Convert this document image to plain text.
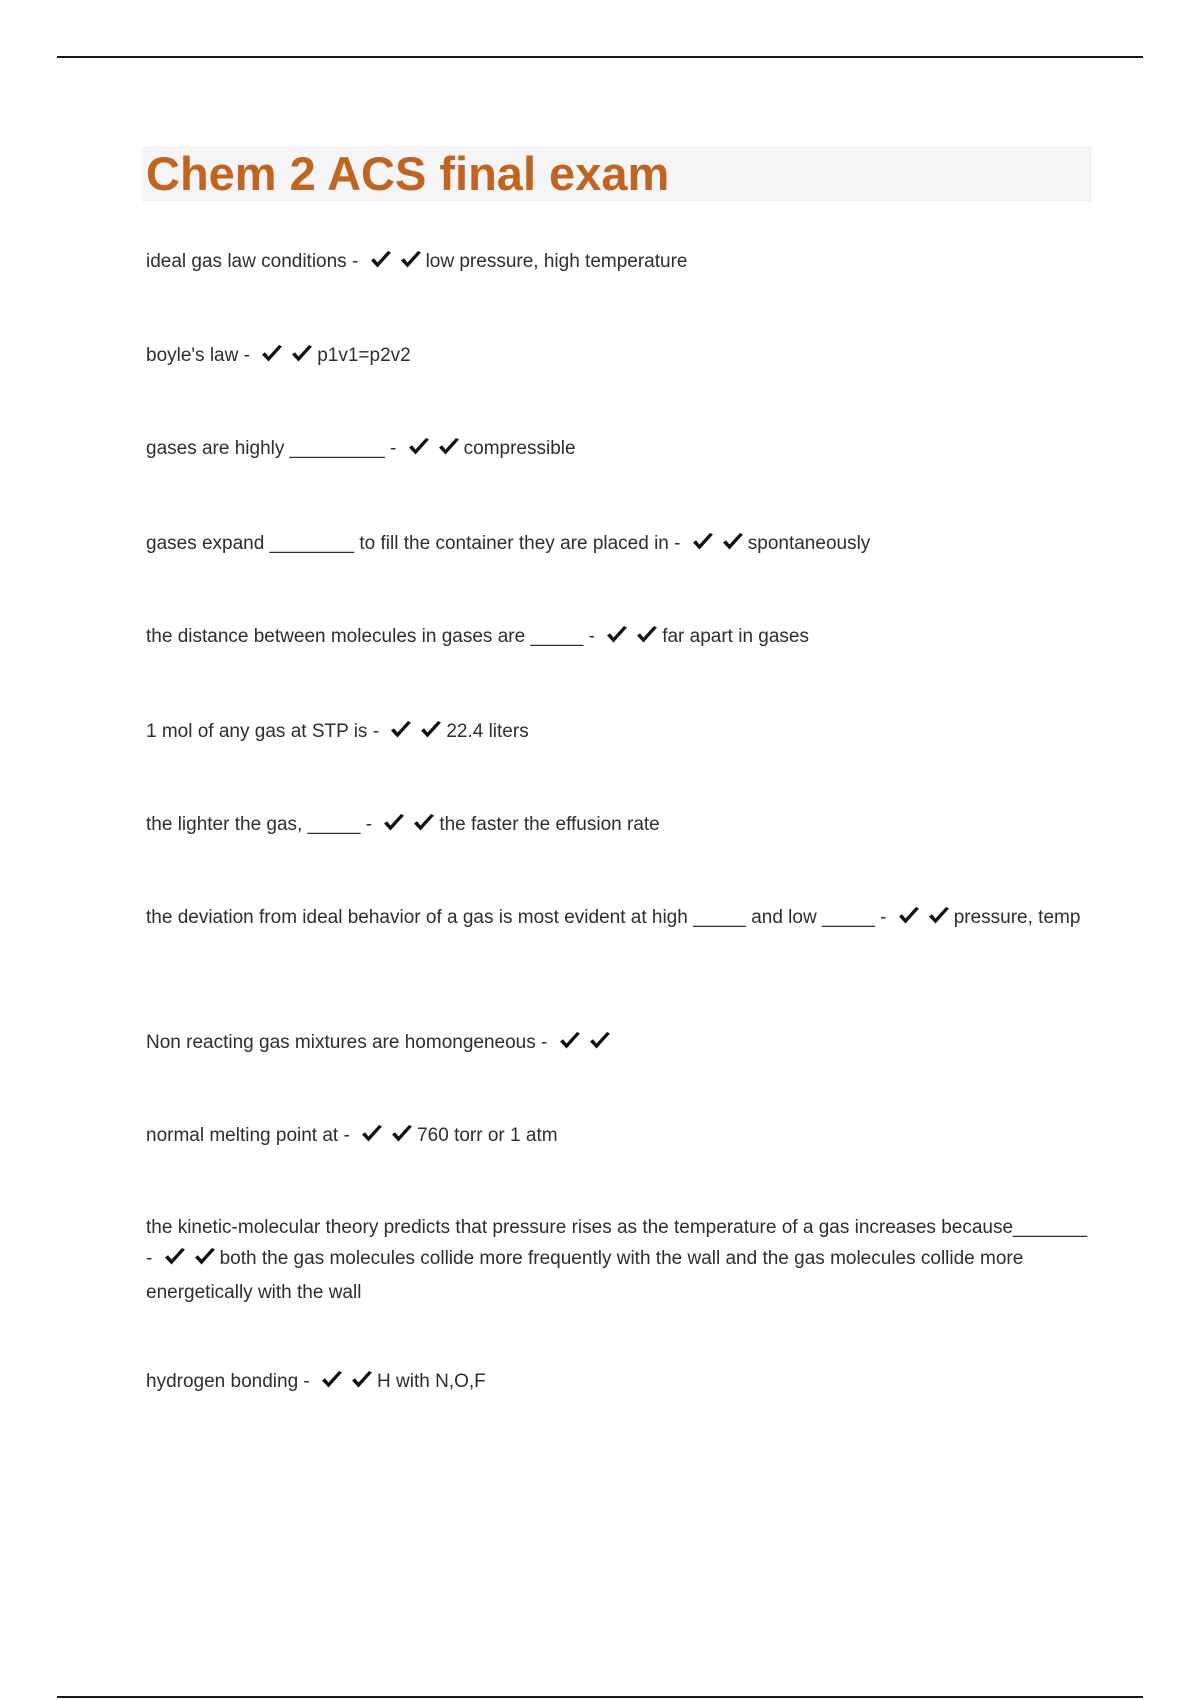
Chem 2 ACS final exam

ideal gas law conditions -	low pressure, high temperature

boyle's law -	p1v1=p2v2

gases are highly _________ -	compressible

gases expand ________ to fill the container they are placed in -	spontaneously

the distance between molecules in gases are _____ -	far apart in gases

1 mol of any gas at STP is -	22.4 liters

the lighter the gas, _____ -	the faster the effusion rate

the deviation from ideal behavior of a gas is most evident at high _____ and low _____ -	pressure, temp

Non reacting gas mixtures are homongeneous -

normal melting point at -	760 torr or 1 atm

the kinetic-molecular theory predicts that pressure rises as the temperature of a gas increases because_______ -	both the gas molecules collide more frequently with the wall and the gas molecules collide more energetically with the wall

hydrogen bonding -	H with N,O,F
